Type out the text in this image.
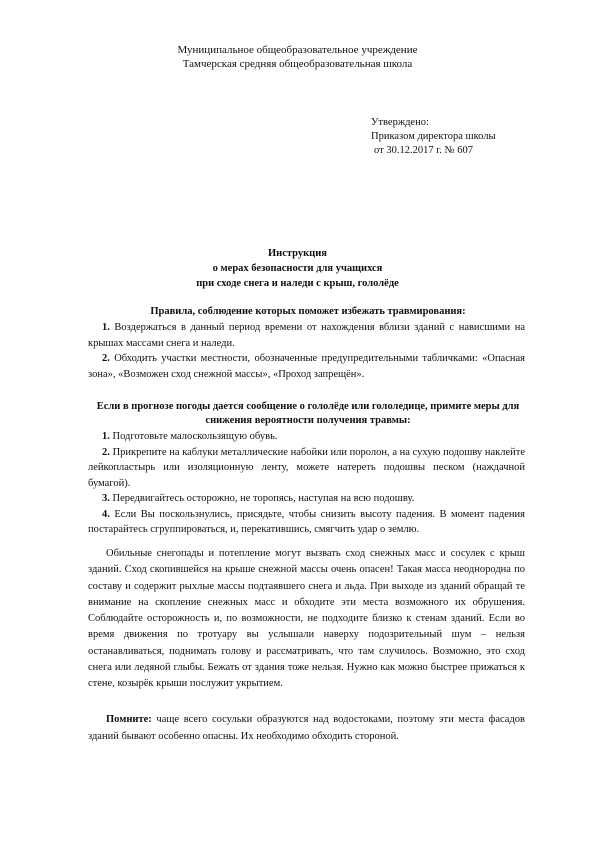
Муниципальное общеобразовательное учреждение
Тамчерская средняя общеобразовательная школа
Утверждено:
Приказом директора школы
от 30.12.2017 г. № 607
Инструкция
о мерах безопасности для учащихся
при сходе снега и наледи с крыш, гололёде
Правила, соблюдение которых поможет избежать травмирования:

1. Воздержаться в данный период времени от нахождения вблизи зданий с нависшими на крышах массами снега и наледи.

2. Обходить участки местности, обозначенные предупредительными табличками: «Опасная зона», «Возможен сход снежной массы», «Проход запрещён».

Если в прогнозе погоды дается сообщение о гололёде или гололедице, примите меры для снижения вероятности получения травмы:

1. Подготовьте малоскользящую обувь.

2. Прикрепите на каблуки металлические набойки или поролон, а на сухую подошву наклейте лейкопластырь или изоляционную ленту, можете натереть подошвы песком (наждачной бумагой).

3. Передвигайтесь осторожно, не торопясь, наступая на всю подошву.

4. Если Вы поскользнулись, присядьте, чтобы снизить высоту падения. В момент падения постарайтесь сгруппироваться, и, перекатившись, смягчить удар о землю.

Обильные снегопады и потепление могут вызвать сход снежных масс и сосулек с крыш зданий. Сход скопившейся на крыше снежной массы очень опасен! Такая масса неоднородна по составу и содержит рыхлые массы подтаявшего снега и льда. При выходе из зданий обращай те внимание на скопление снежных масс и обходите эти места возможного их обрушения. Соблюдайте осторожность и, по возможности, не подходите близко к стенам зданий. Если во время движения по тротуару вы услышали наверху подозрительный шум – нельзя останавливаться, поднимать голову и рассматривать, что там случилось. Возможно, это сход снега или ледяной глыбы. Бежать от здания тоже нельзя. Нужно как можно быстрее прижаться к стене, козырёк крыши послужит укрытием.

Помните: чаще всего сосульки образуются над водостоками, поэтому эти места фасадов зданий бывают особенно опасны. Их необходимо обходить стороной.
